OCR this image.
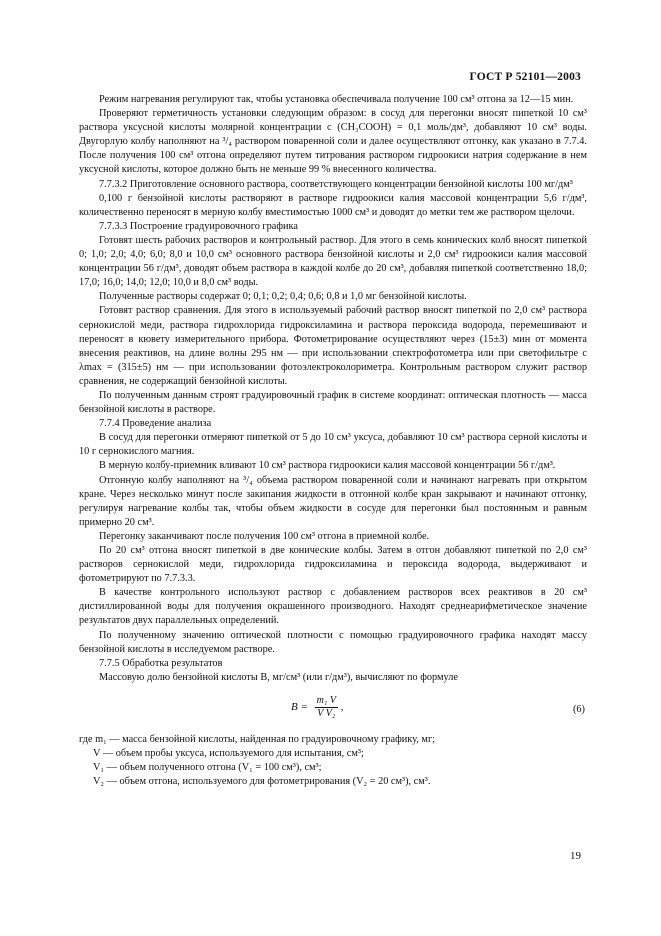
ГОСТ Р 52101—2003

Режим нагревания регулируют так, чтобы установка обеспечивала получение 100 см³ отгона за 12—15 мин.

Проверяют герметичность установки следующим образом: в сосуд для перегонки вносят пипеткой 10 см³ раствора уксусной кислоты молярной концентрации с (CH₃COOH) = 0,1 моль/дм³, добавляют 10 см³ воды. Двугорлую колбу наполняют на ³/₄ раствором поваренной соли и далее осуществляют отгонку, как указано в 7.7.4. После получения 100 см³ отгона определяют путем титрования раствором гидроокиси натрия содержание в нем уксусной кислоты, которое должно быть не меньше 99 % внесенного количества.

7.7.3.2 Приготовление основного раствора, соответствующего концентрации бензойной кислоты 100 мг/дм³

0,100 г бензойной кислоты растворяют в растворе гидроокиси калия массовой концентрации 5,6 г/дм³, количественно переносят в мерную колбу вместимостью 1000 см³ и доводят до метки тем же раствором щелочи.

7.7.3.3 Построение градуировочного графика

Готовят шесть рабочих растворов и контрольный раствор. Для этого в семь конических колб вносят пипеткой 0; 1,0; 2,0; 4,0; 6,0; 8,0 и 10,0 см³ основного раствора бензойной кислоты и 2,0 см³ гидроокиси калия массовой концентрации 56 г/дм³, доводят объем раствора в каждой колбе до 20 см³, добавляя пипеткой соответственно 18,0; 17,0; 16,0; 14,0; 12,0; 10,0 и 8,0 см³ воды.

Полученные растворы содержат 0; 0,1; 0,2; 0,4; 0,6; 0,8 и 1,0 мг бензойной кислоты.

Готовят раствор сравнения. Для этого в используемый рабочий раствор вносят пипеткой по 2,0 см³ раствора сернокислой меди, раствора гидрохлорида гидроксиламина и раствора пероксида водорода, перемешивают и переносят в кювету измерительного прибора. Фотометрирование осуществляют через (15±3) мин от момента внесения реактивов, на длине волны 295 нм — при использовании спектрофотометра или при светофильтре с λmax = (315±5) нм — при использовании фотоэлектроколориметра. Контрольным раствором служит раствор сравнения, не содержащий бензойной кислоты.

По полученным данным строят градуировочный график в системе координат: оптическая плотность — масса бензойной кислоты в растворе.

7.7.4 Проведение анализа

В сосуд для перегонки отмеряют пипеткой от 5 до 10 см³ уксуса, добавляют 10 см³ раствора серной кислоты и 10 г сернокислого магния.

В мерную колбу-приемник вливают 10 см³ раствора гидроокиси калия массовой концентрации 56 г/дм³.

Отгонную колбу наполняют на ³/₄ объема раствором поваренной соли и начинают нагревать при открытом кране. Через несколько минут после закипания жидкости в отгонной колбе кран закрывают и начинают отгонку, регулируя нагревание колбы так, чтобы объем жидкости в сосуде для перегонки был постоянным и равным примерно 20 см³.

Перегонку заканчивают после получения 100 см³ отгона в приемной колбе.

По 20 см³ отгона вносят пипеткой в две конические колбы. Затем в отгон добавляют пипеткой по 2,0 см³ растворов сернокислой меди, гидрохлорида гидроксиламина и пероксида водорода, выдерживают и фотометрируют по 7.7.3.3.

В качестве контрольного используют раствор с добавлением растворов всех реактивов в 20 см³ дистиллированной воды для получения окрашенного производного. Находят среднеарифметическое значение результатов двух параллельных определений.

По полученному значению оптической плотности с помощью градуировочного графика находят массу бензойной кислоты в исследуемом растворе.

7.7.5 Обработка результатов

Массовую долю бензойной кислоты B, мг/см³ (или г/дм³), вычисляют по формуле

$B = \frac{\text{m₁ V}}{\text{V V₂}}$ ,	(6)

где m₁ — масса бензойной кислоты, найденная по градуировочному графику, мг;

V — объем пробы уксуса, используемого для испытания, см³;

V₁ — объем полученного отгона (V₁ = 100 см³), см³;

V₂ — объем отгона, используемого для фотометрирования (V₂ = 20 см³), см³.

19
